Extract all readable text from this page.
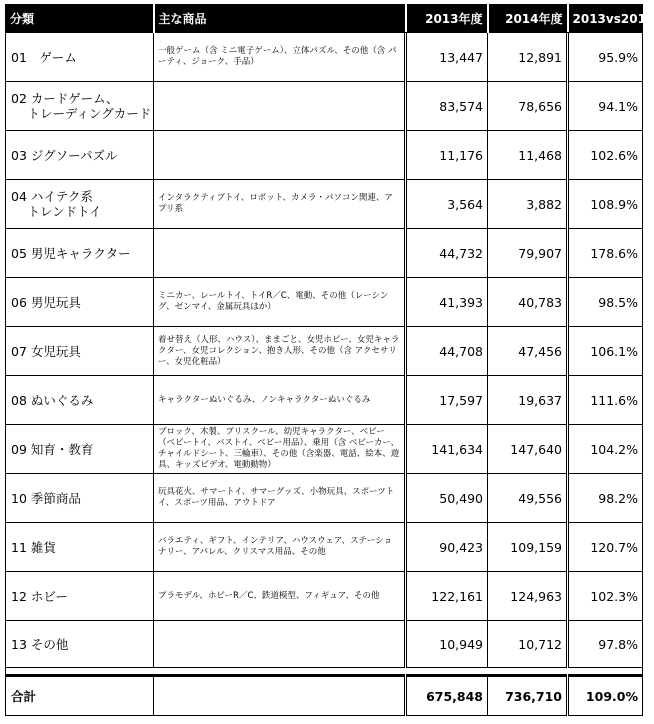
分類	主な商品	2013年度	2014年度	2013vs2014
01　ゲーム	一般ゲーム（含 ミニ電子ゲーム）、立体パズル、その他（含 パーティ、ジョーク、手品）	13,447	12,891	95.9%
02 カードゲーム、
　 トレーディングカード		83,574	78,656	94.1%
03 ジグソーパズル		11,176	11,468	102.6%
04 ハイテク系
　 トレンドトイ	インタラクティブトイ、ロボット、カメラ・パソコン関連、アプリ系	3,564	3,882	108.9%
05 男児キャラクター		44,732	79,907	178.6%
06 男児玩具	ミニカー、レールトイ、トイR／C、電動、その他（レーシング、ゼンマイ、金属玩具ほか）	41,393	40,783	98.5%
07 女児玩具	着せ替え（人形、ハウス）、ままごと、女児ホビー、女児キャラクター、女児コレクション、抱き人形、その他（含 アクセサリー、女児化粧品）	44,708	47,456	106.1%
08 ぬいぐるみ	キャラクターぬいぐるみ、ノンキャラクターぬいぐるみ	17,597	19,637	111.6%
09 知育・教育	ブロック、木製、プリスクール、幼児キャラクター、ベビー（ベビートイ、バストイ、ベビー用品）、乗用（含 ベビーカー、チャイルドシート、三輪車）、その他（含楽器、電話、絵本、遊具、キッズビデオ、電動動物）	141,634	147,640	104.2%
10 季節商品	玩具花火、サマートイ、サマーグッズ、小物玩具、スポーツトイ、スポーツ用品、アウトドア	50,490	49,556	98.2%
11 雑貨	バラエティ、ギフト、インテリア、ハウスウェア、ステーショナリー、アパレル、クリスマス用品、その他	90,423	109,159	120.7%
12 ホビー	プラモデル、ホビーR／C、鉄道模型、フィギュア、その他	122,161	124,963	102.3%
13 その他		10,949	10,712	97.8%

合計		675,848	736,710	109.0%
